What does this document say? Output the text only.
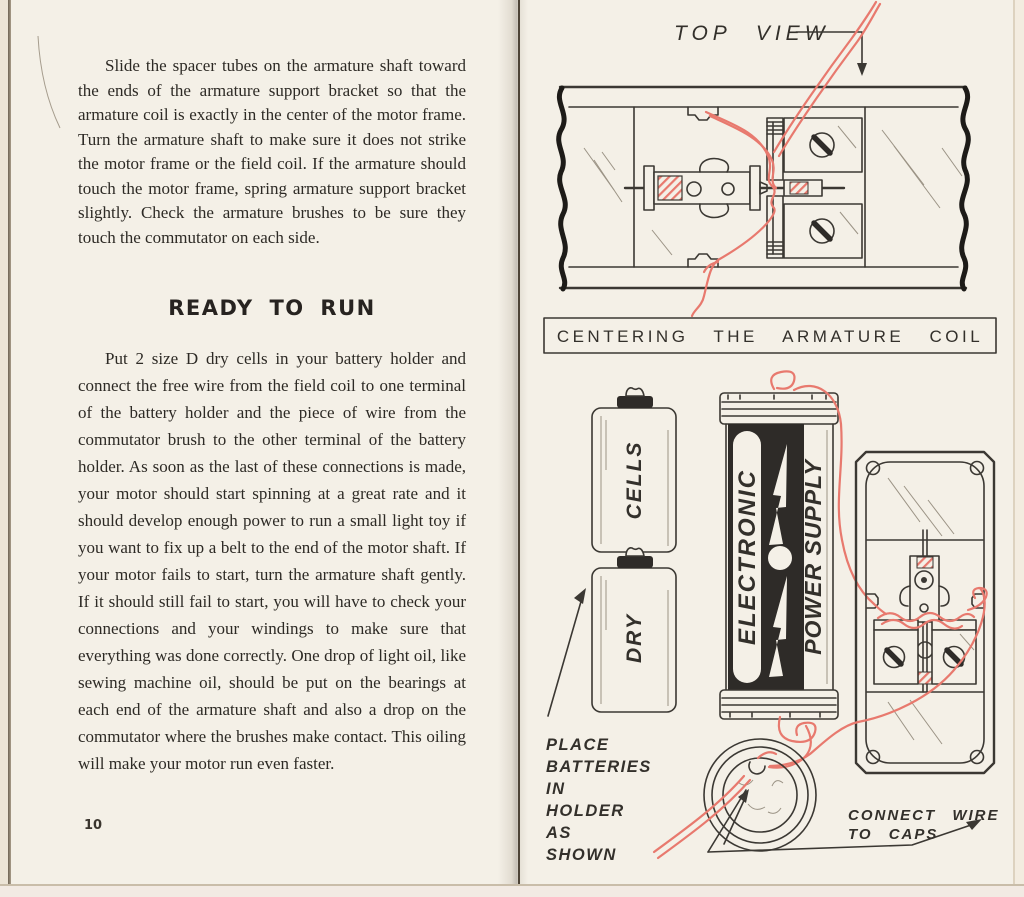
Slide the spacer tubes on the armature shaft toward the ends of the armature support bracket so that the armature coil is exactly in the center of the motor frame. Turn the armature shaft to make sure it does not strike the motor frame or the field coil. If the armature should touch the motor frame, spring armature support bracket slightly. Check the armature brushes to be sure they touch the commutator on each side.

READY TO RUN

Put 2 size D dry cells in your battery holder and connect the free wire from the field coil to one terminal of the battery holder and the piece of wire from the commutator brush to the other terminal of the battery holder. As soon as the last of these connections is made, your motor should start spinning at a great rate and it should develop enough power to run a small light toy if you want to fix up a belt to the end of the motor shaft. If your motor fails to start, turn the armature shaft gently. If it should still fail to start, you will have to check your connections and your windings to make sure that everything was done correctly. One drop of light oil, like sewing machine oil, should be put on the bearings at each end of the armature shaft and also a drop on the commutator where the brushes make contact. This oiling will make your motor run even faster.

10
TOP VIEW
CENTERING THE ARMATURE COIL
CELLS
DRY	ELECTRONIC POWER SUPPLY
PLACE
BATTERIES
IN
HOLDER
AS
SHOWN
CONNECT WIRE
TO CAPS
